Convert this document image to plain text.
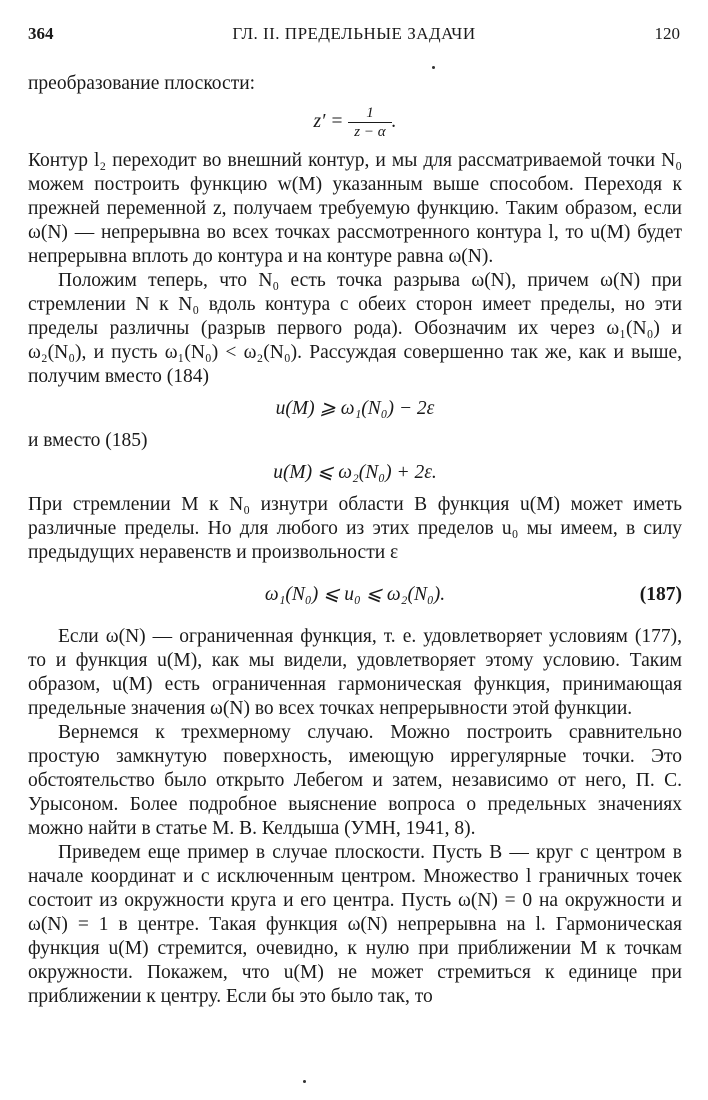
364	ГЛ. II. ПРЕДЕЛЬНЫЕ ЗАДАЧИ	120

преобразование плоскости:

$z' = \frac{1}{z - \alpha}$ .

Контур l₂ переходит во внешний контур, и мы для рассматриваемой точки N₀ можем построить функцию w(M) указанным выше способом. Переходя к прежней переменной z, получаем требуемую функцию. Таким образом, если ω(N) — непрерывна во всех точках рассмотренного контура l, то u(M) будет непрерывна вплоть до контура и на контуре равна ω(N).

Положим теперь, что N₀ есть точка разрыва ω(N), причем ω(N) при стремлении N к N₀ вдоль контура с обеих сторон имеет пределы, но эти пределы различны (разрыв первого рода). Обозначим их через ω₁(N₀) и ω₂(N₀), и пусть ω₁(N₀) < ω₂(N₀). Рассуждая совершенно так же, как и выше, получим вместо (184)

u(M) ⩾ ω₁(N₀) − 2ε

и вместо (185)

u(M) ⩽ ω₂(N₀) + 2ε.

При стремлении M к N₀ изнутри области B функция u(M) может иметь различные пределы. Но для любого из этих пределов u₀ мы имеем, в силу предыдущих неравенств и произвольности ε

ω₁(N₀) ⩽ u₀ ⩽ ω₂(N₀).	(187)

Если ω(N) — ограниченная функция, т. е. удовлетворяет условиям (177), то и функция u(M), как мы видели, удовлетворяет этому условию. Таким образом, u(M) есть ограниченная гармоническая функция, принимающая предельные значения ω(N) во всех точках непрерывности этой функции.

Вернемся к трехмерному случаю. Можно построить сравнительно простую замкнутую поверхность, имеющую иррегулярные точки. Это обстоятельство было открыто Лебегом и затем, независимо от него, П. С. Урысоном. Более подробное выяснение вопроса о предельных значениях можно найти в статье М. В. Келдыша (УМН, 1941, 8).

Приведем еще пример в случае плоскости. Пусть B — круг с центром в начале координат и с исключенным центром. Множество l граничных точек состоит из окружности круга и его центра. Пусть ω(N) = 0 на окружности и ω(N) = 1 в центре. Такая функция ω(N) непрерывна на l. Гармоническая функция u(M) стремится, очевидно, к нулю при приближении M к точкам окружности. Покажем, что u(M) не может стремиться к единице при приближении к центру. Если бы это было так, то
